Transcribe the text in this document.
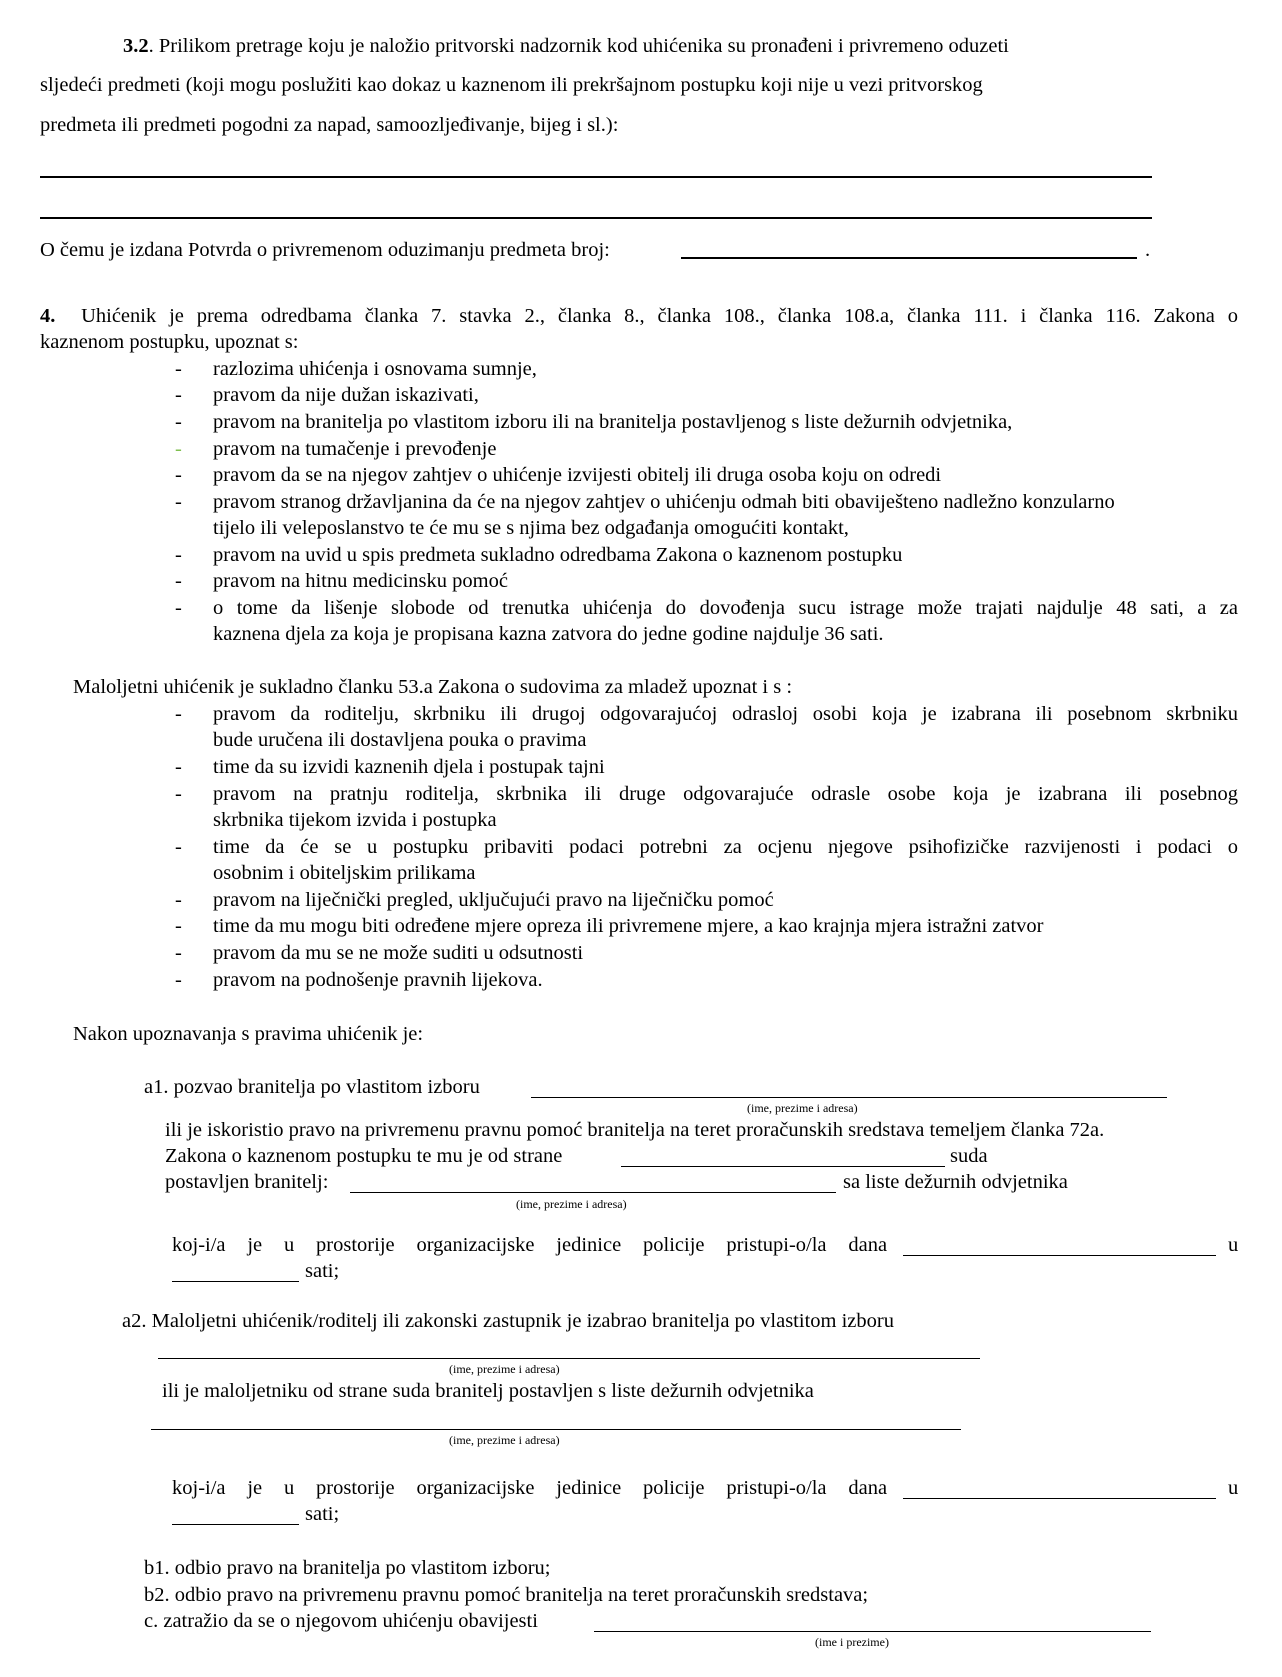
3.2. Prilikom pretrage koju je naložio pritvorski nadzornik kod uhićenika su pronađeni i privremeno oduzeti
sljedeći predmeti (koji mogu poslužiti kao dokaz u kaznenom ili prekršajnom postupku koji nije u vezi pritvorskog
predmeta ili predmeti pogodni za napad, samoozljeđivanje, bijeg i sl.):
O čemu je izdana Potvrda o privremenom oduzimanju predmeta broj:	.
4. Uhićenik je prema odredbama članka 7. stavka 2., članka 8., članka 108., članka 108.a, članka 111. i članka 116. Zakona o
kaznenom postupku, upoznat s:
- razlozima uhićenja i osnovama sumnje,
- pravom da nije dužan iskazivati,
- pravom na branitelja po vlastitom izboru ili na branitelja postavljenog s liste dežurnih odvjetnika,
- pravom na tumačenje i prevođenje
- pravom da se na njegov zahtjev o uhićenje izvijesti obitelj ili druga osoba koju on odredi
- pravom stranog državljanina da će na njegov zahtjev o uhićenju odmah biti obaviješteno nadležno konzularno
tijelo ili veleposlanstvo te će mu se s njima bez odgađanja omogućiti kontakt,
- pravom na uvid u spis predmeta sukladno odredbama Zakona o kaznenom postupku
- pravom na hitnu medicinsku pomoć
- o tome da lišenje slobode od trenutka uhićenja do dovođenja sucu istrage može trajati najdulje 48 sati, a za
kaznena djela za koja je propisana kazna zatvora do jedne godine najdulje 36 sati.
Maloljetni uhićenik je sukladno članku 53.a Zakona o sudovima za mladež upoznat i s :
- pravom da roditelju, skrbniku ili drugoj odgovarajućoj odrasloj osobi koja je izabrana ili posebnom skrbniku
bude uručena ili dostavljena pouka o pravima
- time da su izvidi kaznenih djela i postupak tajni
- pravom na pratnju roditelja, skrbnika ili druge odgovarajuće odrasle osobe koja je izabrana ili posebnog
skrbnika tijekom izvida i postupka
- time da će se u postupku pribaviti podaci potrebni za ocjenu njegove psihofizičke razvijenosti i podaci o
osobnim i obiteljskim prilikama
- pravom na liječnički pregled, uključujući pravo na liječničku pomoć
- time da mu mogu biti određene mjere opreza ili privremene mjere, a kao krajnja mjera istražni zatvor
- pravom da mu se ne može suditi u odsutnosti
- pravom na podnošenje pravnih lijekova.
Nakon upoznavanja s pravima uhićenik je:
a1. pozvao branitelja po vlastitom izboru
(ime, prezime i adresa)
ili je iskoristio pravo na privremenu pravnu pomoć branitelja na teret proračunskih sredstava temeljem članka 72a.
Zakona o kaznenom postupku te mu je od strane	suda
postavljen branitelj:	sa liste dežurnih odvjetnika
(ime, prezime i adresa)
koj-i/a je u prostorije organizacijske jedinice policije pristupi-o/la dana	u
sati;
a2. Maloljetni uhićenik/roditelj ili zakonski zastupnik je izabrao branitelja po vlastitom izboru
(ime, prezime i adresa)
ili je maloljetniku od strane suda branitelj postavljen s liste dežurnih odvjetnika
(ime, prezime i adresa)
koj-i/a je u prostorije organizacijske jedinice policije pristupi-o/la dana	u
sati;
b1. odbio pravo na branitelja po vlastitom izboru;
b2. odbio pravo na privremenu pravnu pomoć branitelja na teret proračunskih sredstava;
c. zatražio da se o njegovom uhićenju obavijesti
(ime i prezime)
